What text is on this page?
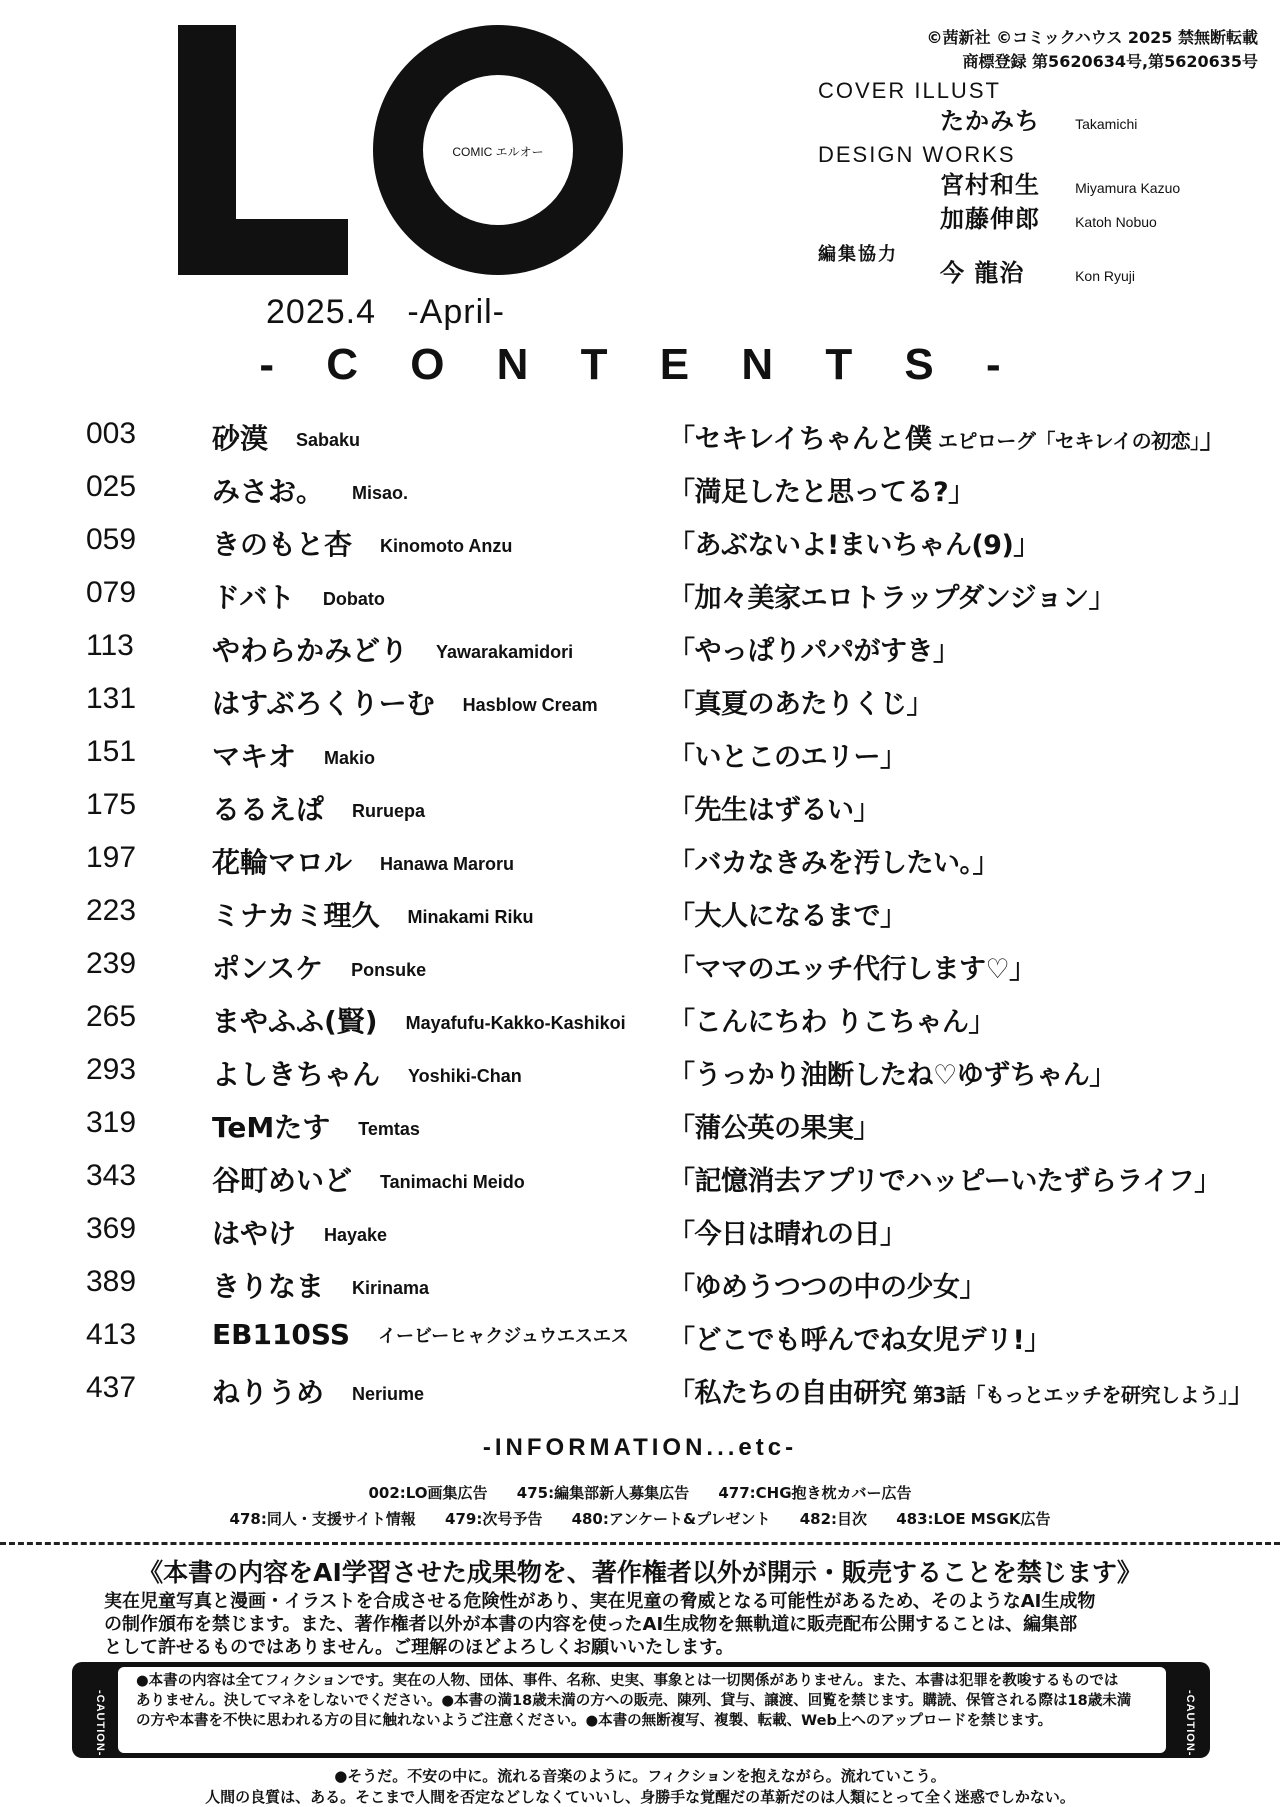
COMIC エルオー
2025.4 -April-
©茜新社 ©コミックハウス 2025 禁無断転載
商標登録 第5620634号,第5620635号
COVER ILLUST
たかみち	Takamichi
DESIGN WORKS
宮村和生	Miyamura Kazuo
加藤伸郎	Katoh Nobuo
編集協力
今 龍治	Kon Ryuji
- C O N T E N T S -
003	砂漠 Sabaku	「セキレイちゃんと僕 エピローグ「セキレイの初恋」」
025	みさお。 Misao.	「満足したと思ってる?」
059	きのもと杏 Kinomoto Anzu	「あぶないよ!まいちゃん(9)」
079	ドバト Dobato	「加々美家エロトラップダンジョン」
113	やわらかみどり Yawarakamidori	「やっぱりパパがすき」
131	はすぶろくりーむ Hasblow Cream	「真夏のあたりくじ」
151	マキオ Makio	「いとこのエリー」
175	るるえぱ Ruruepa	「先生はずるい」
197	花輪マロル Hanawa Maroru	「バカなきみを汚したい。」
223	ミナカミ理久 Minakami Riku	「大人になるまで」
239	ポンスケ Ponsuke	「ママのエッチ代行します♡」
265	まやふふ(賢) Mayafufu-Kakko-Kashikoi 「こんにちわ りこちゃん」
293	よしきちゃん Yoshiki-Chan	「うっかり油断したね♡ゆずちゃん」
319	TeMたす Temtas	「蒲公英の果実」
343	谷町めいど Tanimachi Meido	「記憶消去アプリでハッピーいたずらライフ」
369	はやけ Hayake	「今日は晴れの日」
389	きりなま Kirinama	「ゆめうつつの中の少女」
413	EB110SS イービーヒャクジュウエスエス 「どこでも呼んでね女児デリ!」
437	ねりうめ Neriume	「私たちの自由研究 第3話「もっとエッチを研究しよう」」
-INFORMATION...etc-
002:LO画集広告 475:編集部新人募集広告 477:CHG抱き枕カバー広告
478:同人・支援サイト情報 479:次号予告 480:アンケート&プレゼント 482:目次 483:LOE MSGK広告
《本書の内容をAI学習させた成果物を、著作権者以外が開示・販売することを禁じます》
実在児童写真と漫画・イラストを合成させる危険性があり、実在児童の脅威となる可能性があるため、そのようなAI生成物
の制作頒布を禁じます。また、著作権者以外が本書の内容を使ったAI生成物を無軌道に販売配布公開することは、編集部
として許せるものではありません。ご理解のほどよろしくお願いいたします。
-CAUTION-	-CAUTION-
●本書の内容は全てフィクションです。実在の人物、団体、事件、名称、史実、事象とは一切関係がありません。また、本書は犯罪を教唆するものでは
ありません。決してマネをしないでください。●本書の満18歳未満の方への販売、陳列、貸与、譲渡、回覧を禁じます。購読、保管される際は18歳未満
の方や本書を不快に思われる方の目に触れないようご注意ください。●本書の無断複写、複製、転載、Web上へのアップロードを禁じます。
●そうだ。不安の中に。流れる音楽のように。フィクションを抱えながら。流れていこう。
人間の良質は、ある。そこまで人間を否定などしなくていいし、身勝手な覚醒だの革新だのは人類にとって全く迷惑でしかない。
